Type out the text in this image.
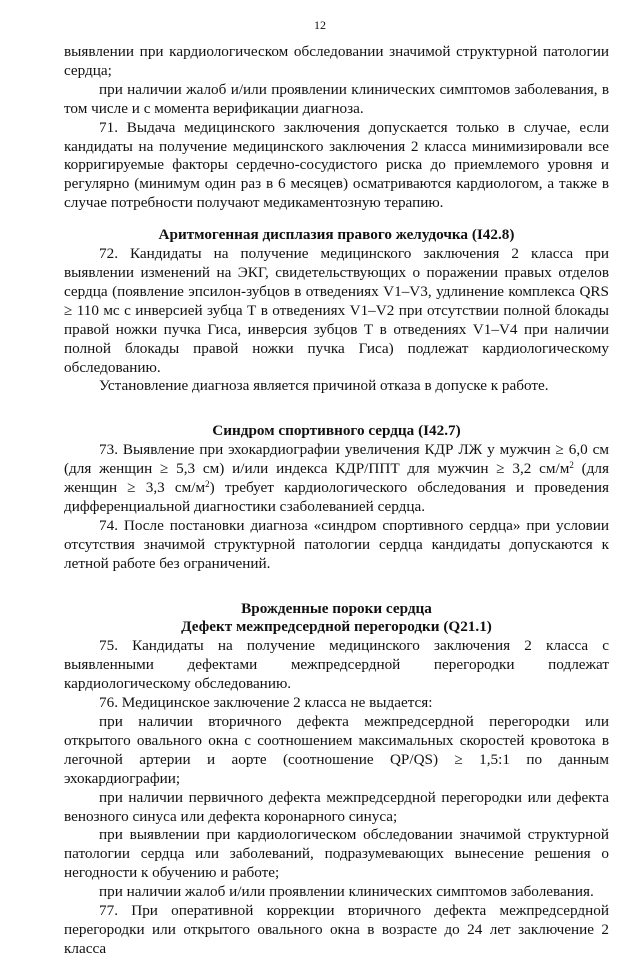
12

выявлении при кардиологическом обследовании значимой структурной патологии сердца;

при наличии жалоб и/или проявлении клинических симптомов заболевания, в том числе и с момента верификации диагноза.

71. Выдача медицинского заключения допускается только в случае, если кандидаты на получение медицинского заключения 2 класса минимизировали все корригируемые факторы сердечно-сосудистого риска до приемлемого уровня и регулярно (минимум один раз в 6 месяцев) осматриваются кардиологом, а также в случае потребности получают медикаментозную терапию.

Аритмогенная дисплазия правого желудочка (I42.8)

72. Кандидаты на получение медицинского заключения 2 класса при выявлении изменений на ЭКГ, свидетельствующих о поражении правых отделов сердца (появление эпсилон-зубцов в отведениях V1–V3, удлинение комплекса QRS ≥ 110 мс с инверсией зубца Т в отведениях V1–V2 при отсутствии полной блокады правой ножки пучка Гиса, инверсия зубцов Т в отведениях V1–V4 при наличии полной блокады правой ножки пучка Гиса) подлежат кардиологическому обследованию.

Установление диагноза является причиной отказа в допуске к работе.

Синдром спортивного сердца (I42.7)

73. Выявление при эхокардиографии увеличения КДР ЛЖ у мужчин ≥ 6,0 см (для женщин ≥ 5,3 см) и/или индекса КДР/ППТ для мужчин ≥ 3,2 $см/м^2$ (для женщин ≥ 3,3 $см/м^2$) требует кардиологического обследования и проведения дифференциальной диагностики сзаболеванией сердца.

74. После постановки диагноза «синдром спортивного сердца» при условии отсутствия значимой структурной патологии сердца кандидаты допускаются к летной работе без ограничений.

Врожденные пороки сердца

Дефект межпредсердной перегородки (Q21.1)

75. Кандидаты на получение медицинского заключения 2 класса с выявленными дефектами межпредсердной перегородки подлежат кардиологическому обследованию.

76. Медицинское заключение 2 класса не выдается:

при наличии вторичного дефекта межпредсердной перегородки или открытого овального окна с соотношением максимальных скоростей кровотока в легочной артерии и аорте (соотношение QP/QS) ≥ 1,5:1 по данным эхокардиографии;

при наличии первичного дефекта межпредсердной перегородки или дефекта венозного синуса или дефекта коронарного синуса;

при выявлении при кардиологическом обследовании значимой структурной патологии сердца или заболеваний, подразумевающих вынесение решения о негодности к обучению и работе;

при наличии жалоб и/или проявлении клинических симптомов заболевания.

77. При оперативной коррекции вторичного дефекта межпредсердной перегородки или открытого овального окна в возрасте до 24 лет заключение 2 класса
